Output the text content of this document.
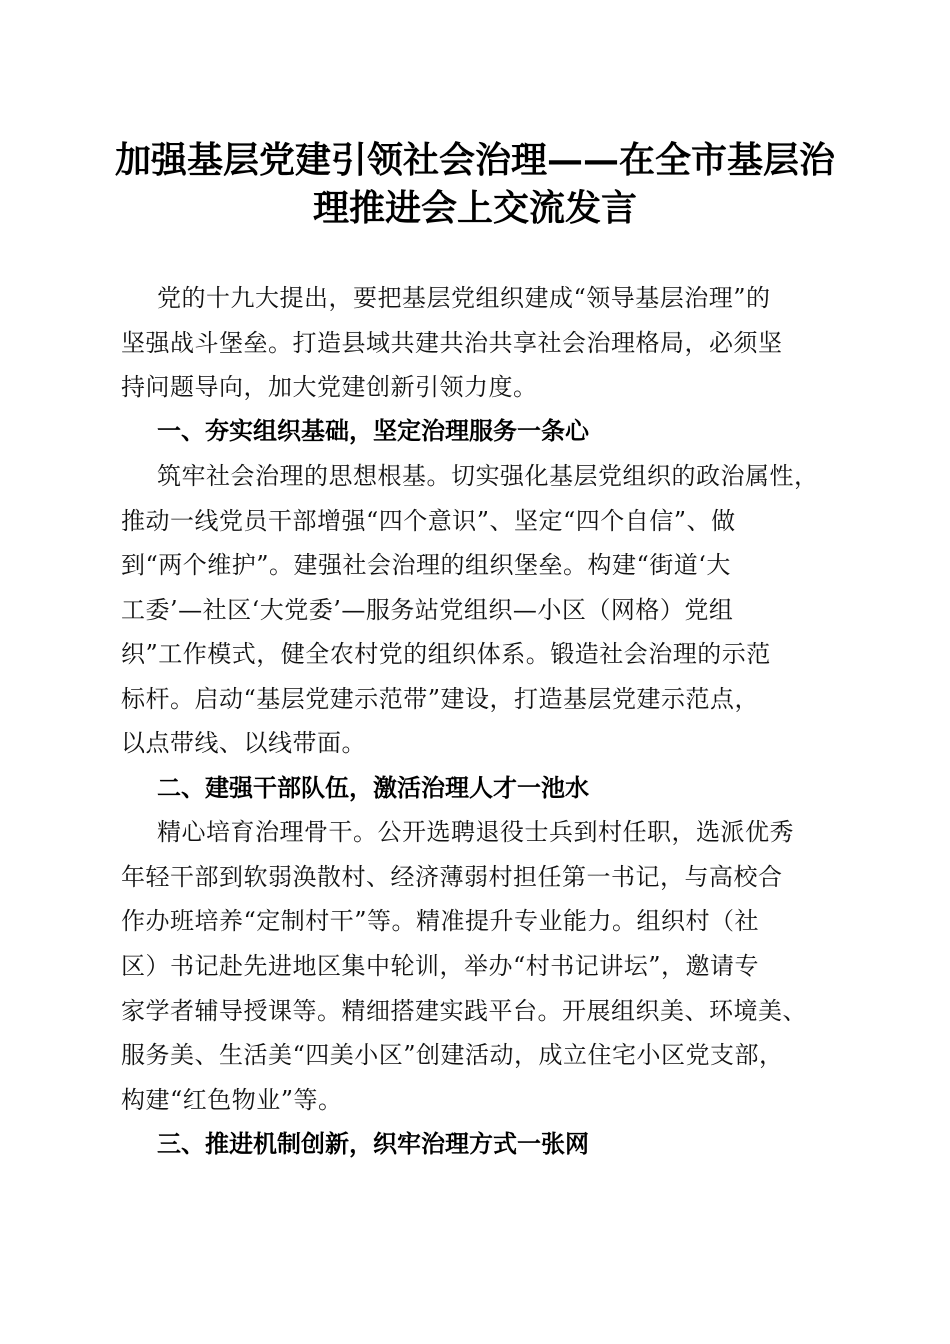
加强基层党建引领社会治理——在全市基层治
理推进会上交流发言
党的十九大提出，要把基层党组织建成“领导基层治理”的
坚强战斗堡垒。打造县域共建共治共享社会治理格局，必须坚
持问题导向，加大党建创新引领力度。
一、夯实组织基础，坚定治理服务一条心
筑牢社会治理的思想根基。切实强化基层党组织的政治属性，
推动一线党员干部增强“四个意识”、坚定“四个自信”、做
到“两个维护”。建强社会治理的组织堡垒。构建“街道‘大
工委’—社区‘大党委’—服务站党组织—小区（网格）党组
织”工作模式，健全农村党的组织体系。锻造社会治理的示范
标杆。启动“基层党建示范带”建设，打造基层党建示范点，
以点带线、以线带面。
二、建强干部队伍，激活治理人才一池水
精心培育治理骨干。公开选聘退役士兵到村任职，选派优秀
年轻干部到软弱涣散村、经济薄弱村担任第一书记，与高校合
作办班培养“定制村干”等。精准提升专业能力。组织村（社
区）书记赴先进地区集中轮训，举办“村书记讲坛”，邀请专
家学者辅导授课等。精细搭建实践平台。开展组织美、环境美、
服务美、生活美“四美小区”创建活动，成立住宅小区党支部，
构建“红色物业”等。
三、推进机制创新，织牢治理方式一张网
